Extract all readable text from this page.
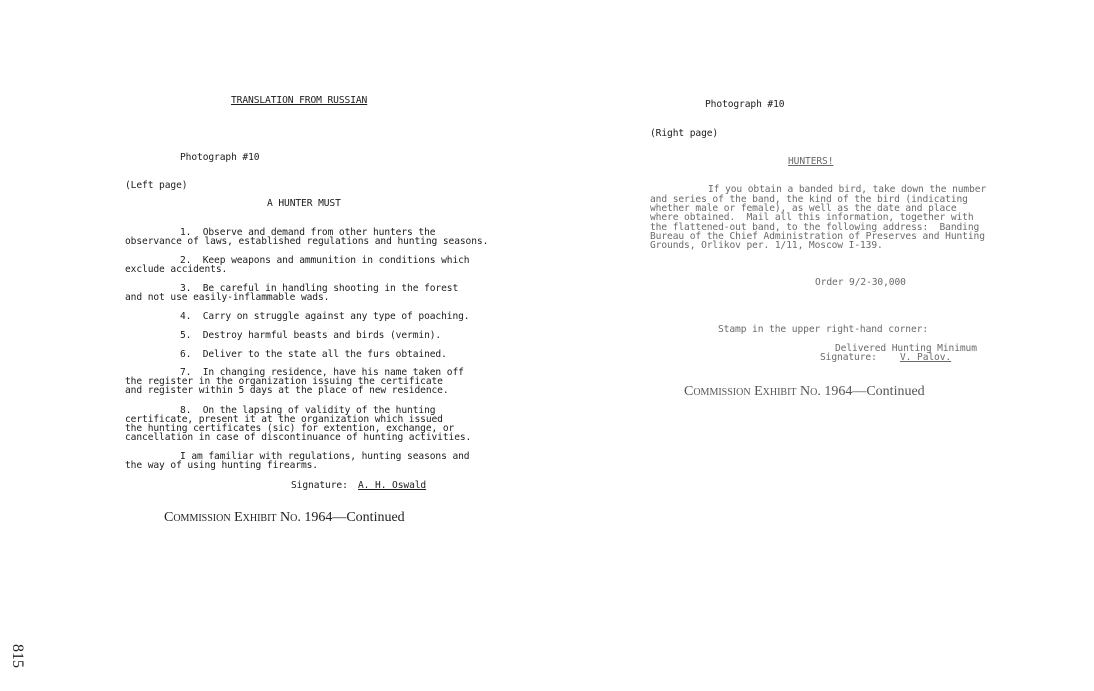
TRANSLATION FROM RUSSIAN
Photograph #10
(Left page)
A HUNTER MUST
1.  Observe and demand from other hunters the
observance of laws, established regulations and hunting seasons.
2.  Keep weapons and ammunition in conditions which
exclude accidents.
3.  Be careful in handling shooting in the forest
and not use easily-inflammable wads.
4.  Carry on struggle against any type of poaching.
5.  Destroy harmful beasts and birds (vermin).
6.  Deliver to the state all the furs obtained.
7.  In changing residence, have his name taken off
the register in the organization issuing the certificate
and register within 5 days at the place of new residence.
8.  On the lapsing of validity of the hunting
certificate, present it at the organization which issued
the hunting certificates (sic) for extention, exchange, or
cancellation in case of discontinuance of hunting activities.
I am familiar with regulations, hunting seasons and
the way of using hunting firearms.
Signature: A. H. Oswald
Commission Exhibit No. 1964—Continued
Photograph #10
(Right page)
HUNTERS!
If you obtain a banded bird, take down the number
and series of the band, the kind of the bird (indicating
whether male or female), as well as the date and place
where obtained.  Mail all this information, together with
the flattened-out band, to the following address:  Banding
Bureau of the Chief Administration of Preserves and Hunting
Grounds, Orlikov per. 1/11, Moscow I-139.
Order 9/2-30,000
Stamp in the upper right-hand corner:
Delivered Hunting Minimum
Signature: V. Palov.
Commission Exhibit No. 1964—Continued
815
